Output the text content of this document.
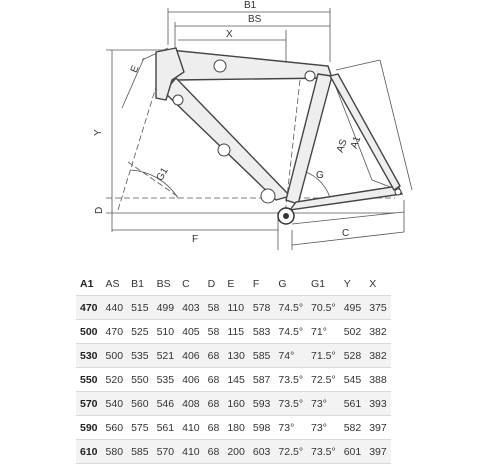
B1
BS
X
E
Y
G1	G
AS A1
D
F
C
A1	AS	B1	BS	C	D	E	F	G	G1	Y	X
470	440	515	499	403	58	110	578	74.5°	70.5°	495	375
500	470	525	510	405	58	115	583	74.5°	71°	502	382
530	500	535	521	406	68	130	585	74°	71.5°	528	382
550	520	550	535	406	68	145	587	73.5°	72.5°	545	388
570	540	560	546	408	68	160	593	73.5°	73°	561	393
590	560	575	561	410	68	180	598	73°	73°	582	397
610	580	585	570	410	68	200	603	72.5°	73.5°	601	397
